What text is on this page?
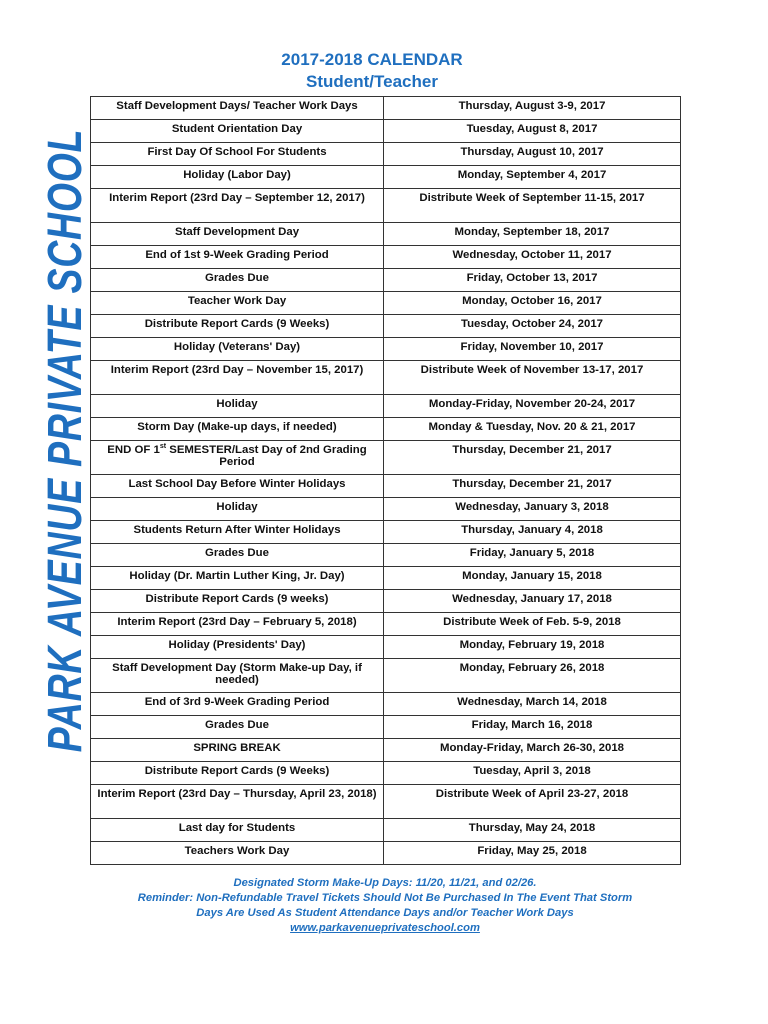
PARK AVENUE PRIVATE SCHOOL
2017-2018 CALENDAR
Student/Teacher
Staff Development Days/ Teacher Work Days	Thursday, August 3-9, 2017
Student Orientation Day	Tuesday, August 8, 2017
First Day Of School For Students	Thursday, August 10, 2017
Holiday (Labor Day)	Monday, September 4, 2017
Interim Report (23rd Day – September 12, 2017)	Distribute Week of September 11-15, 2017
Staff Development Day	Monday, September 18, 2017
End of 1st 9-Week Grading Period	Wednesday, October 11, 2017
Grades Due	Friday, October 13, 2017
Teacher Work Day	Monday, October 16, 2017
Distribute Report Cards (9 Weeks)	Tuesday, October 24, 2017
Holiday (Veterans' Day)	Friday, November 10, 2017
Interim Report (23rd Day – November 15, 2017)	Distribute Week of November 13-17, 2017
Holiday	Monday-Friday, November 20-24, 2017
Storm Day (Make-up days, if needed)	Monday & Tuesday, Nov. 20 & 21, 2017
END OF 1st SEMESTER/Last Day of 2nd Grading Period	Thursday, December 21, 2017
Last School Day Before Winter Holidays	Thursday, December 21, 2017
Holiday	Wednesday, January 3, 2018
Students Return After Winter Holidays	Thursday, January 4, 2018
Grades Due	Friday, January 5, 2018
Holiday (Dr. Martin Luther King, Jr. Day)	Monday, January 15, 2018
Distribute Report Cards (9 weeks)	Wednesday, January 17, 2018
Interim Report (23rd Day – February 5, 2018)	Distribute Week of Feb. 5-9, 2018
Holiday (Presidents' Day)	Monday, February 19, 2018
Staff Development Day (Storm Make-up Day, if needed)	Monday, February 26, 2018
End of 3rd 9-Week Grading Period	Wednesday, March 14, 2018
Grades Due	Friday, March 16, 2018
SPRING BREAK	Monday-Friday, March 26-30, 2018
Distribute Report Cards (9 Weeks)	Tuesday, April 3, 2018
Interim Report (23rd Day – Thursday, April 23, 2018)	Distribute Week of April 23-27, 2018
Last day for Students	Thursday, May 24, 2018
Teachers Work Day	Friday, May 25, 2018
Designated Storm Make-Up Days: 11/20, 11/21, and 02/26.
Reminder: Non-Refundable Travel Tickets Should Not Be Purchased In The Event That Storm
Days Are Used As Student Attendance Days and/or Teacher Work Days
www.parkavenueprivateschool.com
